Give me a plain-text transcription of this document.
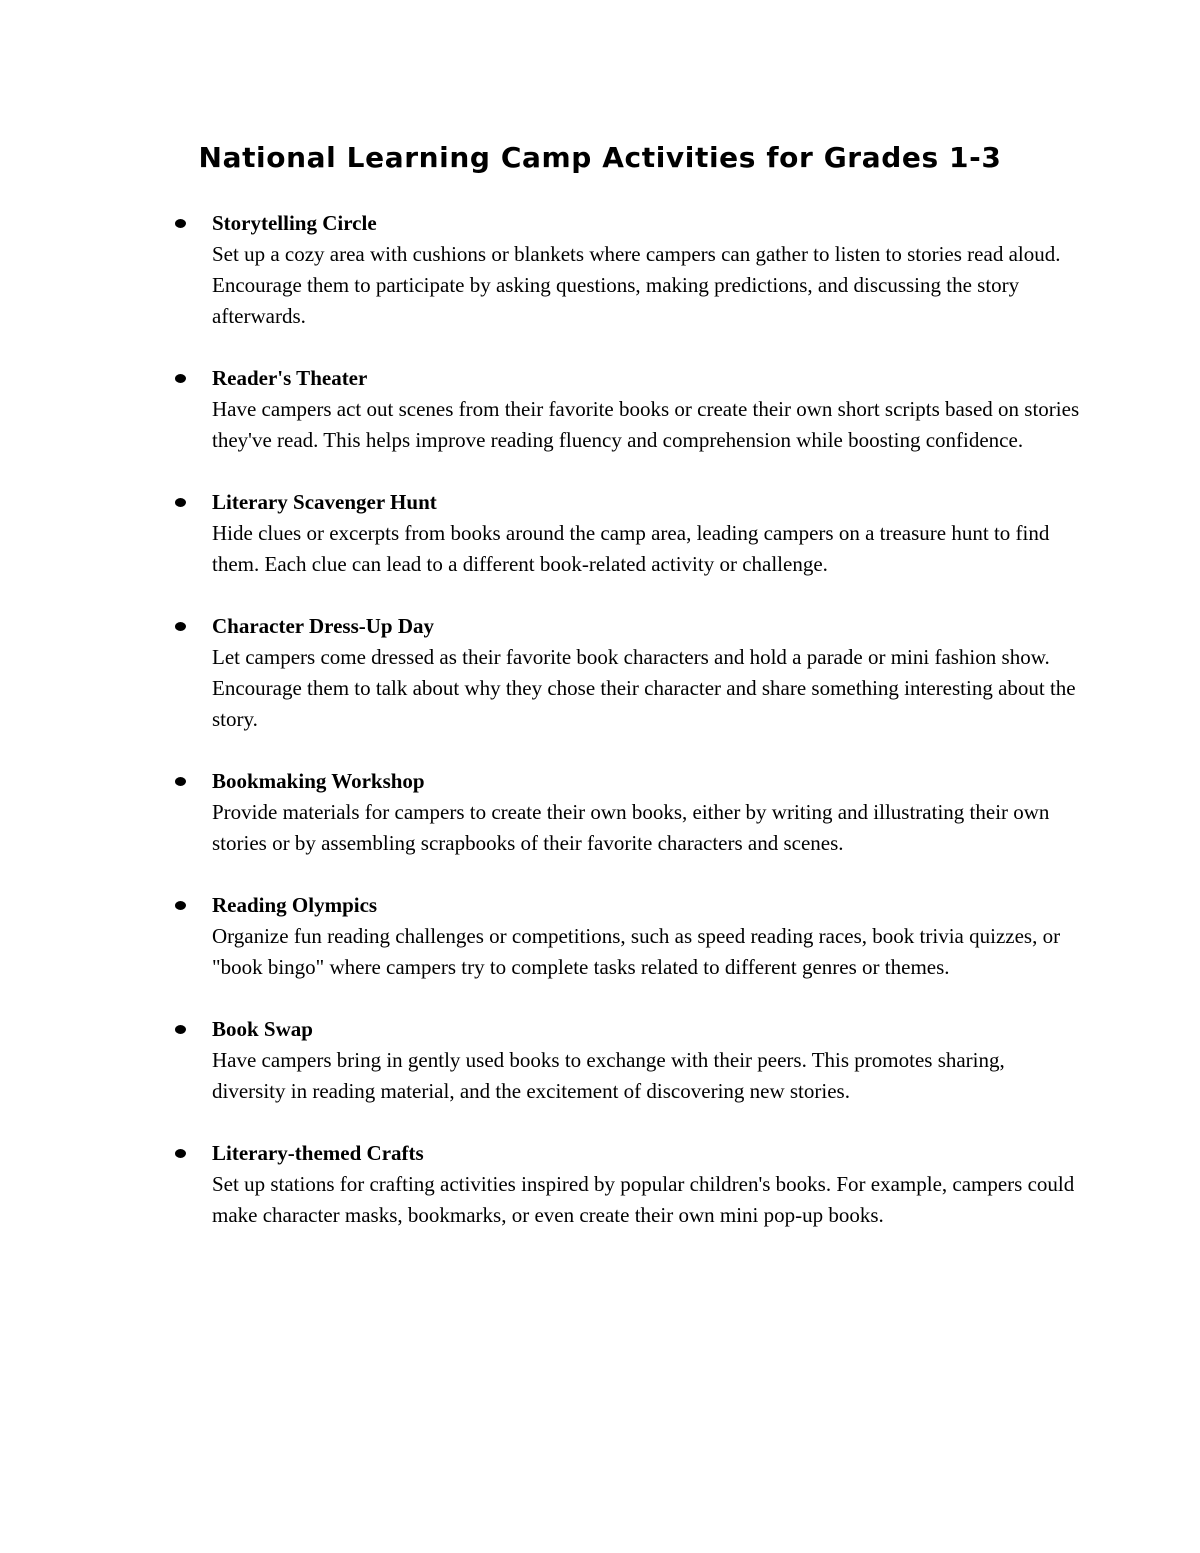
National Learning Camp Activities for Grades 1-3
Storytelling Circle
Set up a cozy area with cushions or blankets where campers can gather to listen to stories read aloud. Encourage them to participate by asking questions, making predictions, and discussing the story afterwards.
Reader's Theater
Have campers act out scenes from their favorite books or create their own short scripts based on stories they've read. This helps improve reading fluency and comprehension while boosting confidence.
Literary Scavenger Hunt
Hide clues or excerpts from books around the camp area, leading campers on a treasure hunt to find them. Each clue can lead to a different book-related activity or challenge.
Character Dress-Up Day
Let campers come dressed as their favorite book characters and hold a parade or mini fashion show. Encourage them to talk about why they chose their character and share something interesting about the story.
Bookmaking Workshop
Provide materials for campers to create their own books, either by writing and illustrating their own stories or by assembling scrapbooks of their favorite characters and scenes.
Reading Olympics
Organize fun reading challenges or competitions, such as speed reading races, book trivia quizzes, or "book bingo" where campers try to complete tasks related to different genres or themes.
Book Swap
Have campers bring in gently used books to exchange with their peers. This promotes sharing, diversity in reading material, and the excitement of discovering new stories.
Literary-themed Crafts
Set up stations for crafting activities inspired by popular children's books. For example, campers could make character masks, bookmarks, or even create their own mini pop-up books.
